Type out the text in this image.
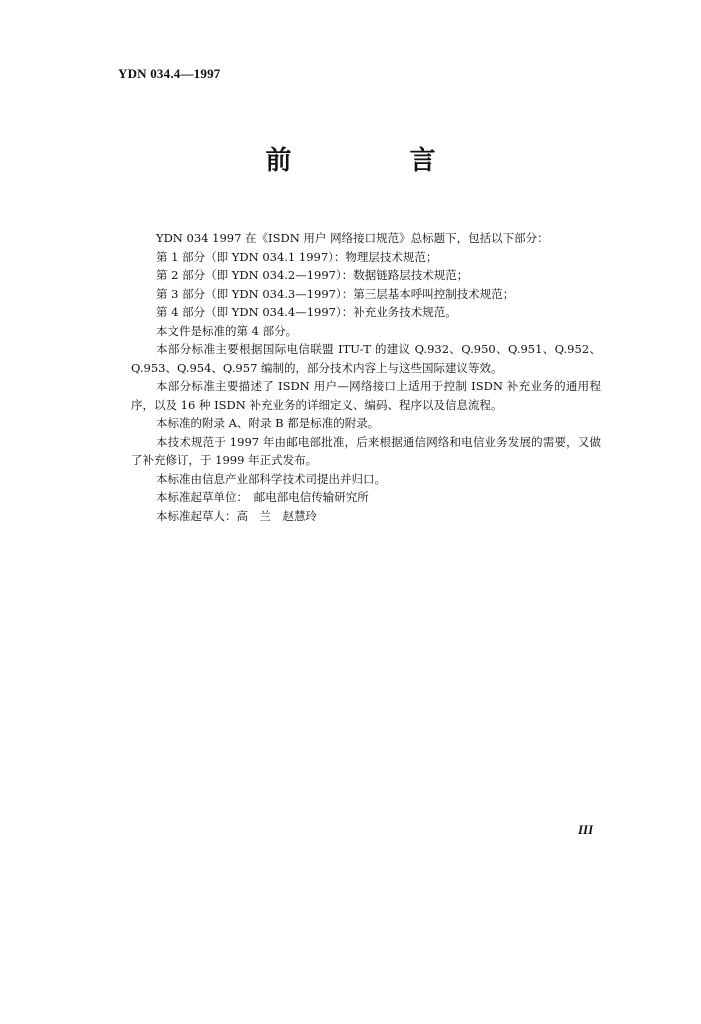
YDN 034.4—1997
前　言

YDN 034 1997 在《ISDN 用户 网络接口规范》总标题下，包括以下部分：

第 1 部分（即 YDN 034.1 1997）：物理层技术规范；

第 2 部分（即 YDN 034.2—1997）：数据链路层技术规范；

第 3 部分（即 YDN 034.3—1997）：第三层基本呼叫控制技术规范；

第 4 部分（即 YDN 034.4—1997）：补充业务技术规范。

本文件是标准的第 4 部分。

本部分标准主要根据国际电信联盟 ITU-T 的建议 Q.932、Q.950、Q.951、Q.952、Q.953、Q.954、Q.957 编制的，部分技术内容上与这些国际建议等效。

本部分标准主要描述了 ISDN 用户—网络接口上适用于控制 ISDN 补充业务的通用程序，以及 16 种 ISDN 补充业务的详细定义、编码、程序以及信息流程。

本标准的附录 A、附录 B 都是标准的附录。

本技术规范于 1997 年由邮电部批准，后来根据通信网络和电信业务发展的需要，又做了补充修订，于 1999 年正式发布。

本标准由信息产业部科学技术司提出并归口。

本标准起草单位：　邮电部电信传输研究所

本标准起草人：高　兰　赵慧玲

III
